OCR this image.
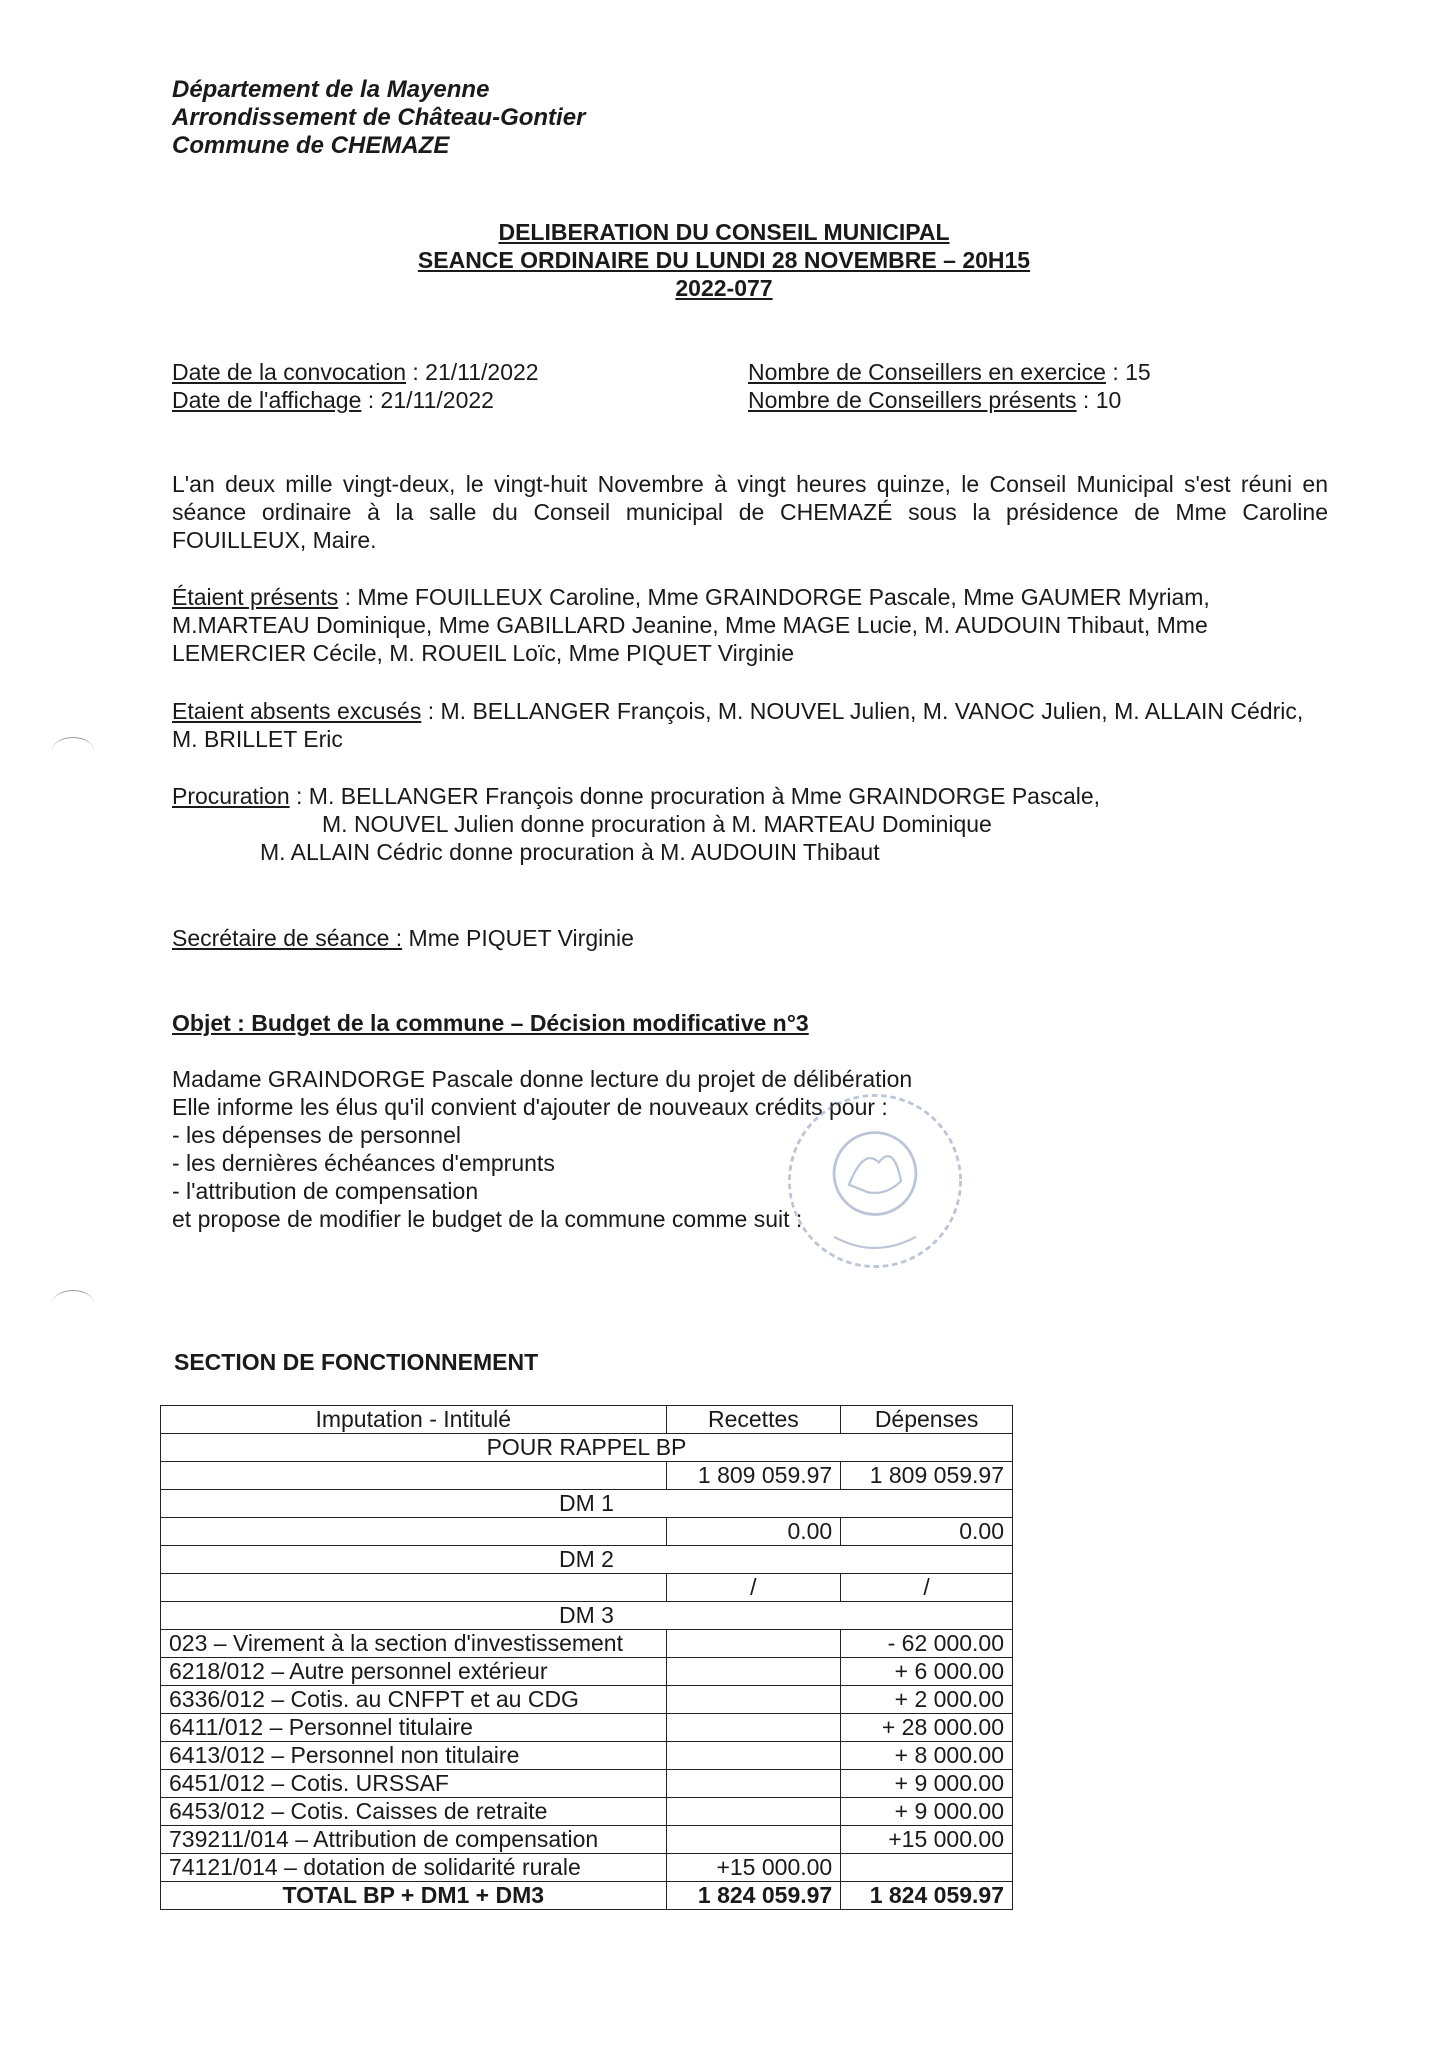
Département de la Mayenne
Arrondissement de Château-Gontier
Commune de CHEMAZE
DELIBERATION DU CONSEIL MUNICIPAL
SEANCE ORDINAIRE DU LUNDI 28 NOVEMBRE – 20H15
2022-077
Date de la convocation : 21/11/2022
Date de l'affichage : 21/11/2022
Nombre de Conseillers en exercice : 15
Nombre de Conseillers présents : 10
L'an deux mille vingt-deux, le vingt-huit Novembre à vingt heures quinze, le Conseil Municipal s'est réuni en séance ordinaire à la salle du Conseil municipal de CHEMAZÉ sous la présidence de Mme Caroline FOUILLEUX, Maire.
Étaient présents : Mme FOUILLEUX Caroline, Mme GRAINDORGE Pascale, Mme GAUMER Myriam, M.MARTEAU Dominique, Mme GABILLARD Jeanine, Mme MAGE Lucie, M. AUDOUIN Thibaut, Mme LEMERCIER Cécile, M. ROUEIL Loïc, Mme PIQUET Virginie
Etaient absents excusés : M. BELLANGER François, M. NOUVEL Julien, M. VANOC Julien, M. ALLAIN Cédric, M. BRILLET Eric
Procuration : M. BELLANGER François donne procuration à Mme GRAINDORGE Pascale,
M. NOUVEL Julien donne procuration à M. MARTEAU Dominique
M. ALLAIN Cédric donne procuration à M. AUDOUIN Thibaut
Secrétaire de séance : Mme PIQUET Virginie
Objet : Budget de la commune – Décision modificative n°3
Madame GRAINDORGE Pascale donne lecture du projet de délibération
Elle informe les élus qu'il convient d'ajouter de nouveaux crédits pour :
- les dépenses de personnel
- les dernières échéances d'emprunts
- l'attribution de compensation
et propose de modifier le budget de la commune comme suit :
SECTION DE FONCTIONNEMENT
Imputation - Intitulé	Recettes	Dépenses
POUR RAPPEL BP		
	1 809 059.97	1 809 059.97
DM 1		
	0.00	0.00
DM 2		
	/	/
DM 3		
023 – Virement à la section d'investissement		- 62 000.00
6218/012 – Autre personnel extérieur		+ 6 000.00
6336/012 – Cotis. au CNFPT et au CDG		+ 2 000.00
6411/012 – Personnel titulaire		+ 28 000.00
6413/012 – Personnel non titulaire		+ 8 000.00
6451/012 – Cotis. URSSAF		+ 9 000.00
6453/012 – Cotis. Caisses de retraite		+ 9 000.00
739211/014 – Attribution de compensation		+15 000.00
74121/014 – dotation de solidarité rurale	+15 000.00	
TOTAL BP + DM1 + DM3	1 824 059.97	1 824 059.97
